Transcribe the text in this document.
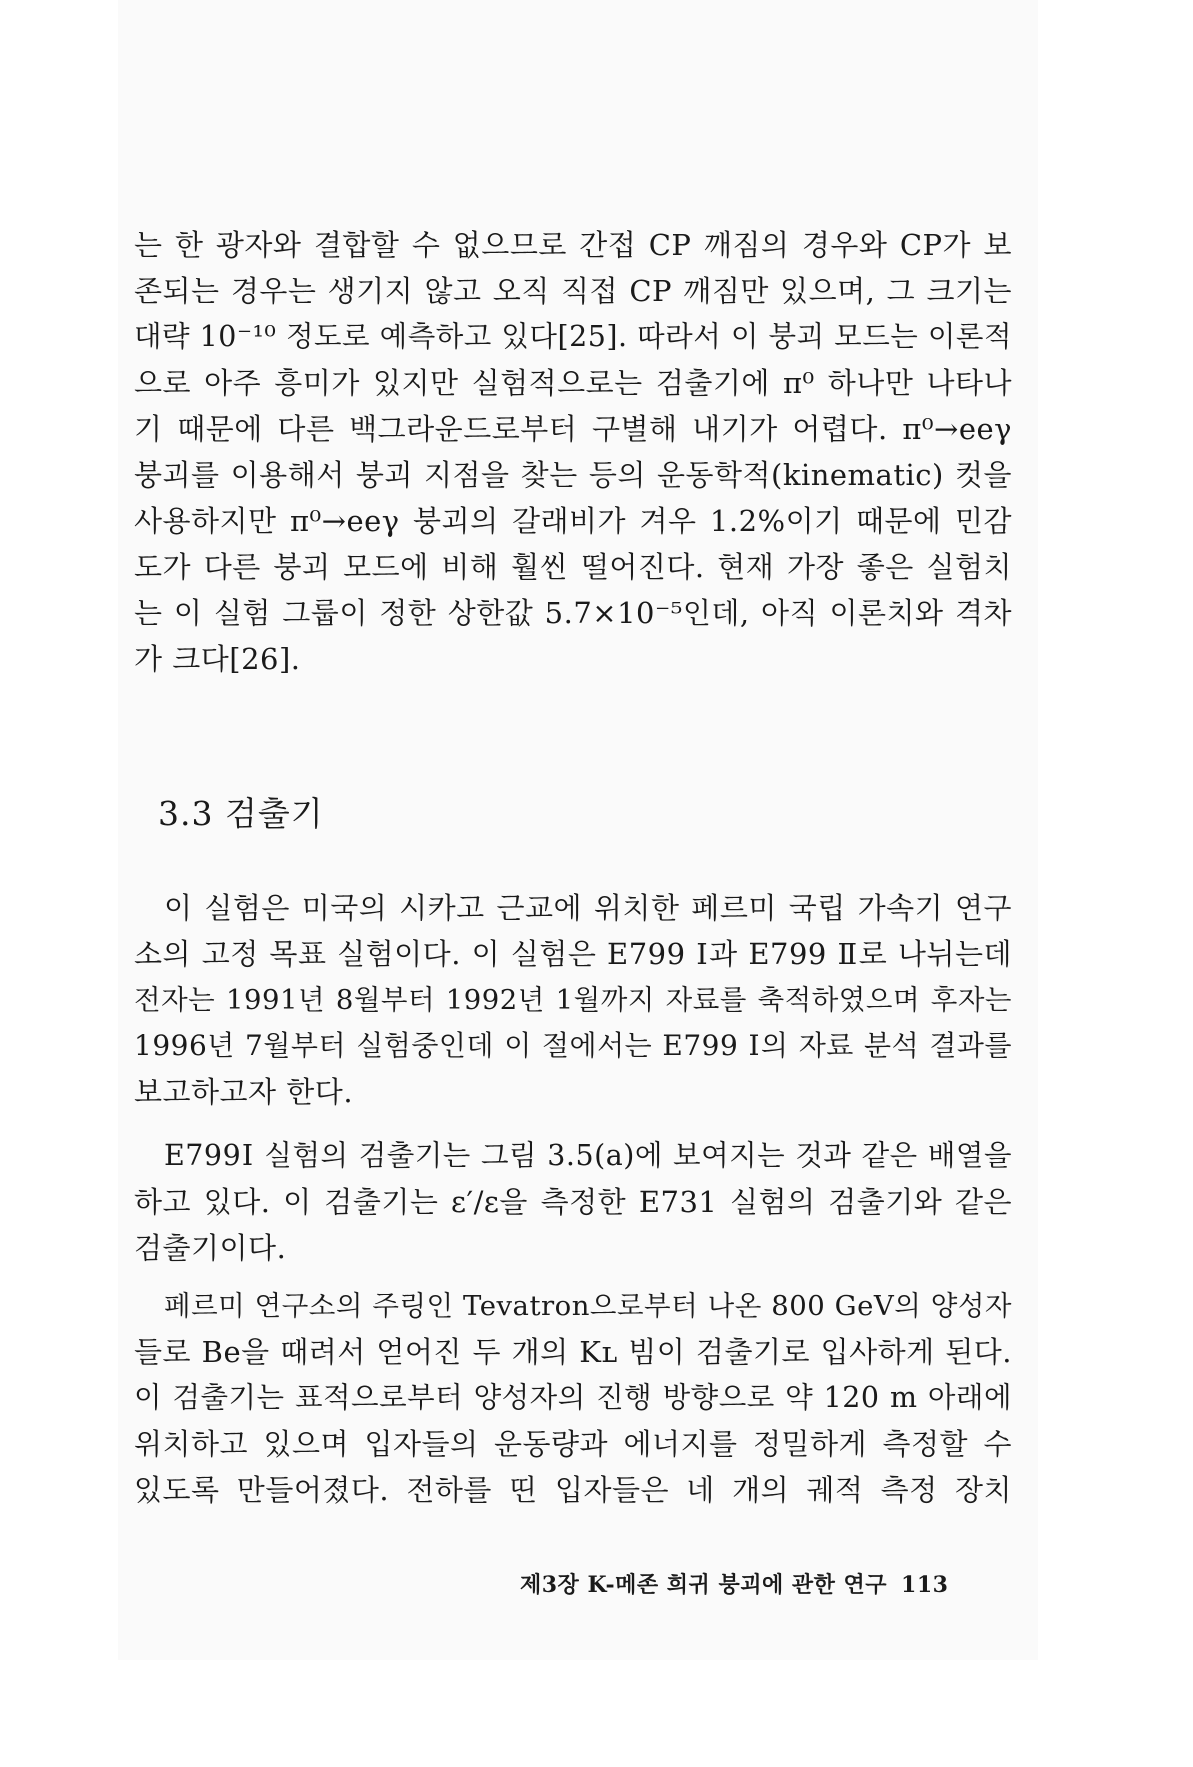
는 한 광자와 결합할 수 없으므로 간접 CP 깨짐의 경우와 CP가 보
존되는 경우는 생기지 않고 오직 직접 CP 깨짐만 있으며, 그 크기는
대략 10⁻¹⁰ 정도로 예측하고 있다[25]. 따라서 이 붕괴 모드는 이론적
으로 아주 흥미가 있지만 실험적으로는 검출기에 π⁰ 하나만 나타나
기 때문에 다른 백그라운드로부터 구별해 내기가 어렵다. π⁰→eeγ
붕괴를 이용해서 붕괴 지점을 찾는 등의 운동학적(kinematic) 컷을
사용하지만 π⁰→eeγ 붕괴의 갈래비가 겨우 1.2%이기 때문에 민감
도가 다른 붕괴 모드에 비해 훨씬 떨어진다. 현재 가장 좋은 실험치
는 이 실험 그룹이 정한 상한값 5.7×10⁻⁵인데, 아직 이론치와 격차
가 크다[26].
3.3 검출기
이 실험은 미국의 시카고 근교에 위치한 페르미 국립 가속기 연구
소의 고정 목표 실험이다. 이 실험은 E799 Ⅰ과 E799 Ⅱ로 나뉘는데
전자는 1991년 8월부터 1992년 1월까지 자료를 축적하였으며 후자는
1996년 7월부터 실험중인데 이 절에서는 E799 Ⅰ의 자료 분석 결과를
보고하고자 한다.
E799Ⅰ 실험의 검출기는 그림 3.5(a)에 보여지는 것과 같은 배열을
하고 있다. 이 검출기는 ε′/ε을 측정한 E731 실험의 검출기와 같은
검출기이다.
페르미 연구소의 주링인 Tevatron으로부터 나온 800 GeV의 양성자
들로 Be을 때려서 얻어진 두 개의 Kʟ 빔이 검출기로 입사하게 된다.
이 검출기는 표적으로부터 양성자의 진행 방향으로 약 120 m 아래에
위치하고 있으며 입자들의 운동량과 에너지를 정밀하게 측정할 수
있도록 만들어졌다. 전하를 띤 입자들은 네 개의 궤적 측정 장치
제3장 K-메존 희귀 붕괴에 관한 연구 113
